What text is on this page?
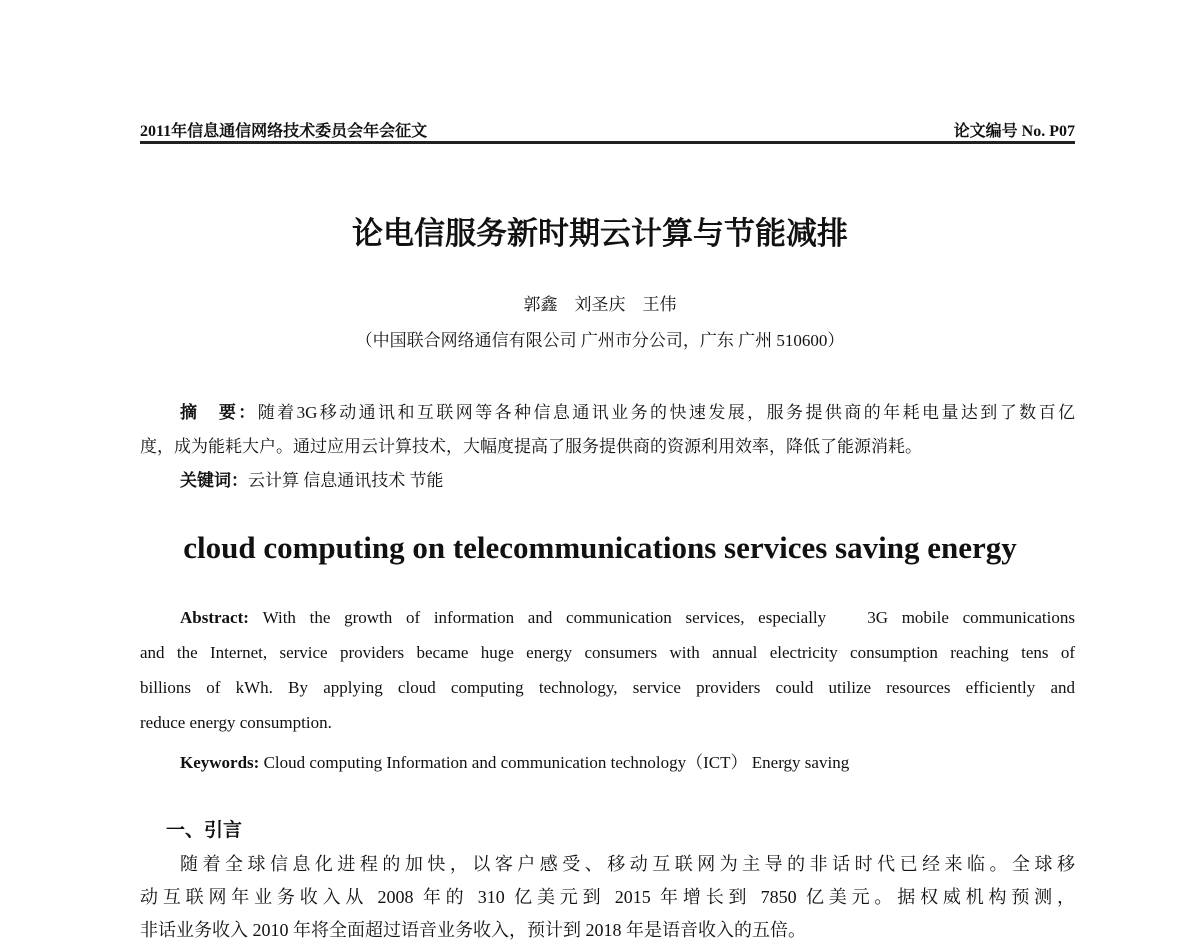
2011年信息通信网络技术委员会年会征文	论文编号 No. P07
论电信服务新时期云计算与节能减排
郭鑫　刘圣庆　王伟
（中国联合网络通信有限公司 广州市分公司，广东 广州 510600）
摘　要：随着3G移动通讯和互联网等各种信息通讯业务的快速发展，服务提供商的年耗电量达到了数百亿
度，成为能耗大户。通过应用云计算技术，大幅度提高了服务提供商的资源利用效率，降低了能源消耗。
关键词：云计算 信息通讯技术 节能
cloud computing on telecommunications services saving energy
Abstract: With the growth of information and communication services, especially   3G mobile communications
and the Internet, service providers became huge energy consumers with annual electricity consumption reaching tens of
billions of kWh. By applying cloud computing technology, service providers could utilize resources efficiently and
reduce energy consumption.
Keywords: Cloud computing Information and communication technology（ICT） Energy saving
一、引言
随着全球信息化进程的加快，以客户感受、移动互联网为主导的非话时代已经来临。全球移
动互联网年业务收入从 2008 年的 310 亿美元到 2015 年增长到 7850 亿美元。据权威机构预测，
非话业务收入 2010 年将全面超过语音业务收入，预计到 2018 年是语音收入的五倍。
